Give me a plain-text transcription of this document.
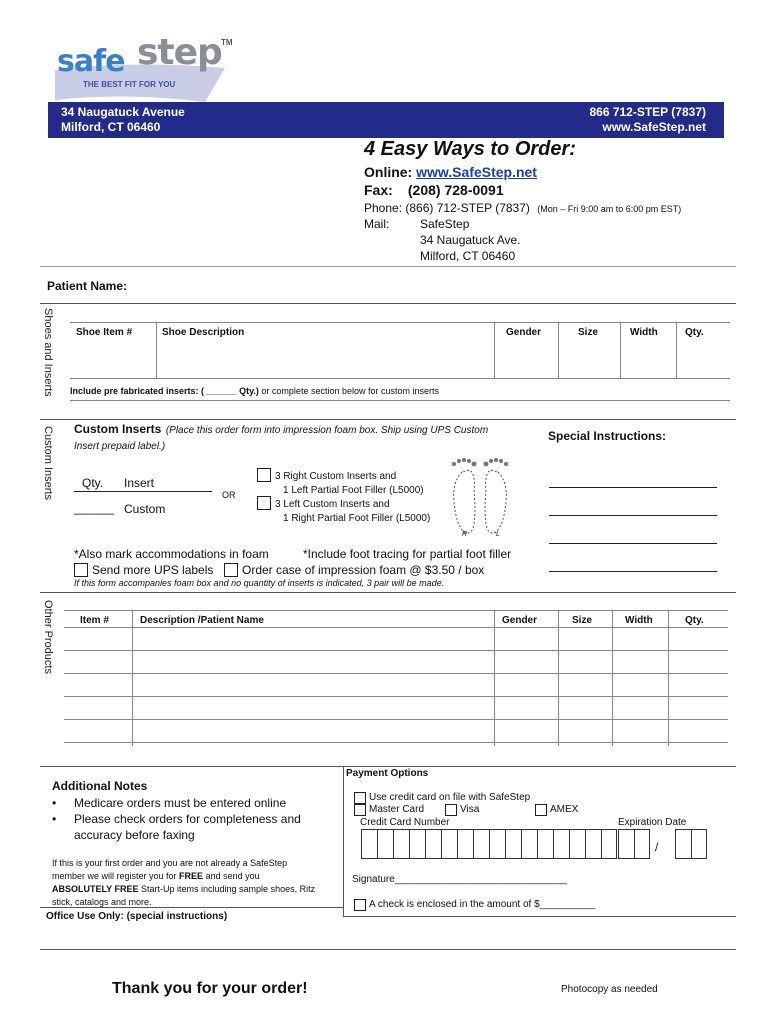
safe step TM
THE BEST FIT FOR YOU
34 Naugatuck Avenue
Milford, CT 06460
866 712-STEP (7837)
www.SafeStep.net
4 Easy Ways to Order:
Online: www.SafeStep.net
Fax: (208) 728-0091
Phone: (866) 712-STEP (7837) (Mon – Fri 9:00 am to 6:00 pm EST)
Mail:	SafeStep
34 Naugatuck Ave.
Milford, CT 06460
Patient Name:
Shoes and Inserts Shoe Item #	Shoe Description	Gender	Size	Width	Qty.
Include pre fabricated inserts: ( ______ Qty.) or complete section below for custom inserts
Custom Inserts Custom Inserts (Place this order form into impression foam box. Ship using UPS Custom Insert prepaid label.)
Qty. Insert
______ Custom
OR
3 Right Custom Inserts and
1 Left Partial Foot Filler (L5000)
3 Left Custom Inserts and
1 Right Partial Foot Filler (L5000)
R	L
Special Instructions:
*Also mark accommodations in foam	*Include foot tracing for partial foot filler
Send more UPS labels Order case of impression foam @ $3.50 / box
If this form accompanies foam box and no quantity of inserts is indicated, 3 pair will be made.
Other Products	Item #	Description /Patient Name	Gender	Size	Width	Qty.
Additional Notes
•	Medicare orders must be entered online
•	Please check orders for completeness and accuracy before faxing
If this is your first order and you are not already a SafeStep member we will register you for FREE and send you ABSOLUTELY FREE Start-Up items including sample shoes, Ritz stick, catalogs and more.
Payment Options
Use credit card on file with SafeStep
Master Card	Visa	AMEX
Credit Card Number	Expiration Date
/
Signature_______________________________
A check is enclosed in the amount of $__________
Office Use Only: (special instructions)
Thank you for your order!	Photocopy as needed
